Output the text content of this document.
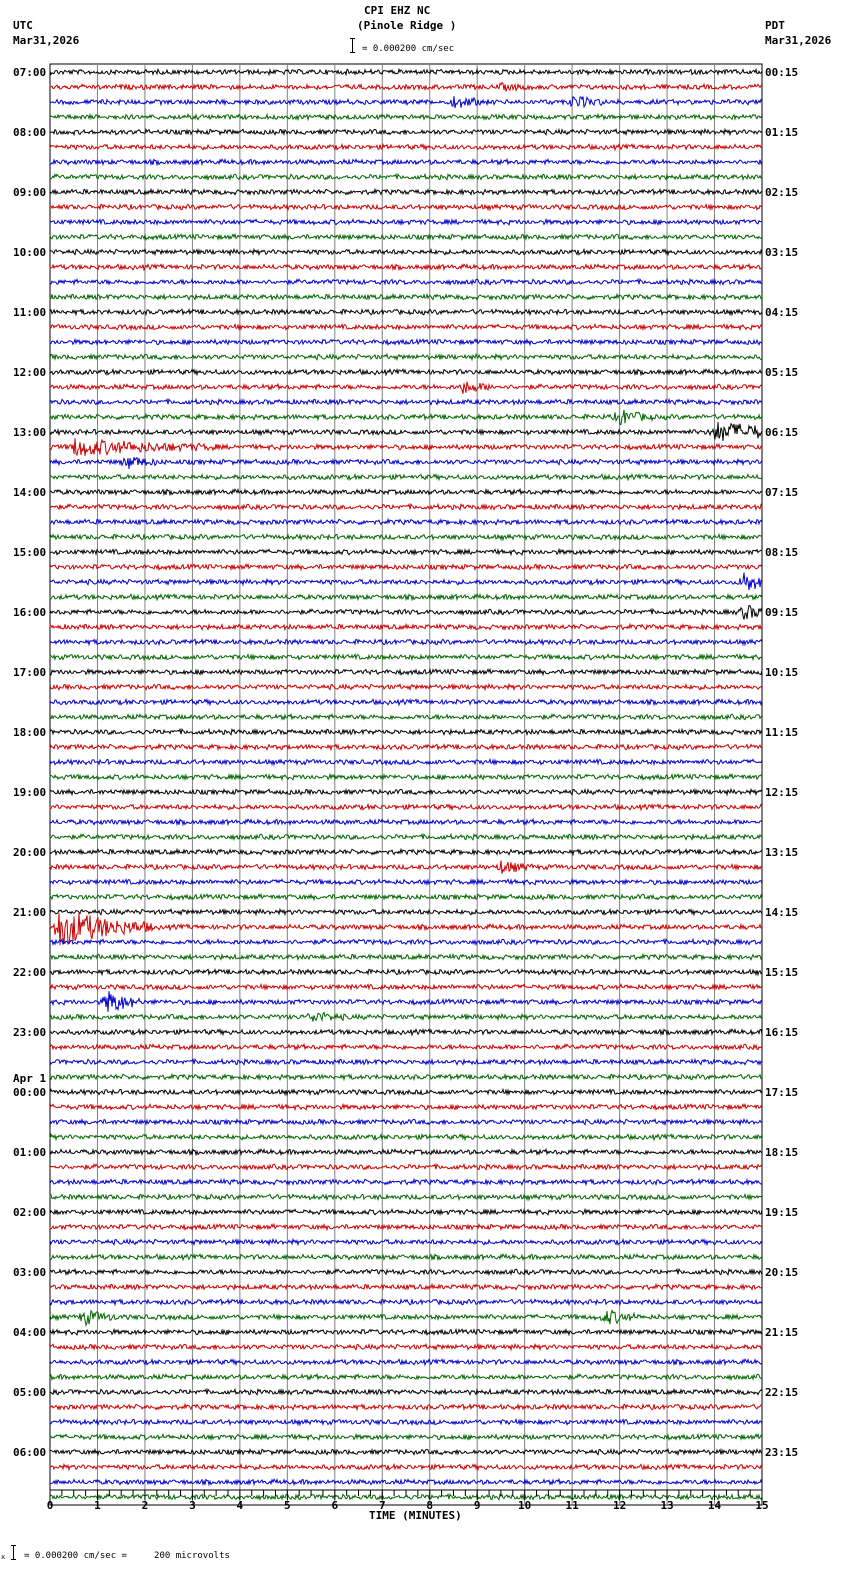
CPI EHZ NC
(Pinole Ridge )
UTC
Mar31,2026
PDT
Mar31,2026
= 0.000200 cm/sec
07:00	00:15
08:00	01:15
09:00	02:15
10:00	03:15
11:00	04:15
12:00	05:15
13:00	06:15
14:00	07:15
15:00	08:15
16:00	09:15
17:00	10:15
18:00	11:15
19:00	12:15
20:00	13:15
21:00	14:15
22:00	15:15
23:00	16:15
00:00	17:15
Apr 1
01:00	18:15
02:00	19:15
03:00	20:15
04:00	21:15
05:00	22:15
06:00	23:15
0	1	2	3	4	5	6	7	8	9	10	11	12	13	14	15
TIME (MINUTES)
x = 0.000200 cm/sec =     200 microvolts
